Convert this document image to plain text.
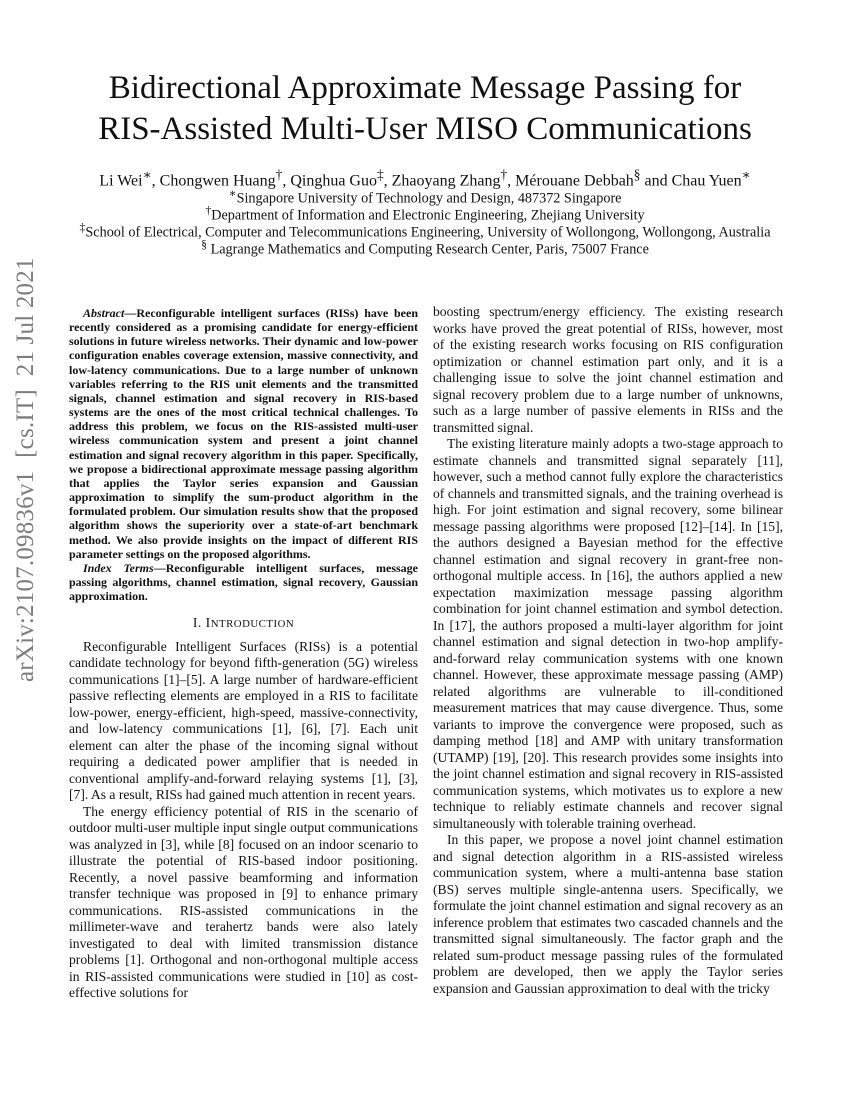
Bidirectional Approximate Message Passing for
RIS-Assisted Multi-User MISO Communications
Li Wei∗, Chongwen Huang†, Qinghua Guo‡, Zhaoyang Zhang†, Mérouane Debbah§ and Chau Yuen∗
∗Singapore University of Technology and Design, 487372 Singapore
†Department of Information and Electronic Engineering, Zhejiang University
‡School of Electrical, Computer and Telecommunications Engineering, University of Wollongong, Wollongong, Australia
§ Lagrange Mathematics and Computing Research Center, Paris, 75007 France
arXiv:2107.09836v1  [cs.IT]  21 Jul 2021	Abstract—Reconfigurable intelligent surfaces (RISs) have been recently considered as a promising candidate for energy-efficient solutions in future wireless networks. Their dynamic and low-power configuration enables coverage extension, massive connectivity, and low-latency communications. Due to a large number of unknown variables referring to the RIS unit elements and the transmitted signals, channel estimation and signal recovery in RIS-based systems are the ones of the most critical technical challenges. To address this problem, we focus on the RIS-assisted multi-user wireless communication system and present a joint channel estimation and signal recovery algorithm in this paper. Specifically, we propose a bidirectional approximate message passing algorithm that applies the Taylor series expansion and Gaussian approximation to simplify the sum-product algorithm in the formulated problem. Our simulation results show that the proposed algorithm shows the superiority over a state-of-art benchmark method. We also provide insights on the impact of different RIS parameter settings on the proposed algorithms.

Index Terms—Reconfigurable intelligent surfaces, message passing algorithms, channel estimation, signal recovery, Gaussian approximation.

I. INTRODUCTION

Reconfigurable Intelligent Surfaces (RISs) is a potential candidate technology for beyond fifth-generation (5G) wireless communications [1]–[5]. A large number of hardware-efficient passive reflecting elements are employed in a RIS to facilitate low-power, energy-efficient, high-speed, massive-connectivity, and low-latency communications [1], [6], [7]. Each unit element can alter the phase of the incoming signal without requiring a dedicated power amplifier that is needed in conventional amplify-and-forward relaying systems [1], [3], [7]. As a result, RISs had gained much attention in recent years.

The energy efficiency potential of RIS in the scenario of outdoor multi-user multiple input single output communications was analyzed in [3], while [8] focused on an indoor scenario to illustrate the potential of RIS-based indoor positioning. Recently, a novel passive beamforming and information transfer technique was proposed in [9] to enhance primary communications. RIS-assisted communications in the millimeter-wave and terahertz bands were also lately investigated to deal with limited transmission distance problems [1]. Orthogonal and non-orthogonal multiple access in RIS-assisted communications were studied in [10] as cost-effective solutions for

boosting spectrum/energy efficiency. The existing research works have proved the great potential of RISs, however, most of the existing research works focusing on RIS configuration optimization or channel estimation part only, and it is a challenging issue to solve the joint channel estimation and signal recovery problem due to a large number of unknowns, such as a large number of passive elements in RISs and the transmitted signal.

The existing literature mainly adopts a two-stage approach to estimate channels and transmitted signal separately [11], however, such a method cannot fully explore the characteristics of channels and transmitted signals, and the training overhead is high. For joint estimation and signal recovery, some bilinear message passing algorithms were proposed [12]–[14]. In [15], the authors designed a Bayesian method for the effective channel estimation and signal recovery in grant-free non-orthogonal multiple access. In [16], the authors applied a new expectation maximization message passing algorithm combination for joint channel estimation and symbol detection. In [17], the authors proposed a multi-layer algorithm for joint channel estimation and signal detection in two-hop amplify-and-forward relay communication systems with one known channel. However, these approximate message passing (AMP) related algorithms are vulnerable to ill-conditioned measurement matrices that may cause divergence. Thus, some variants to improve the convergence were proposed, such as damping method [18] and AMP with unitary transformation (UTAMP) [19], [20]. This research provides some insights into the joint channel estimation and signal recovery in RIS-assisted communication systems, which motivates us to explore a new technique to reliably estimate channels and recover signal simultaneously with tolerable training overhead.

In this paper, we propose a novel joint channel estimation and signal detection algorithm in a RIS-assisted wireless communication system, where a multi-antenna base station (BS) serves multiple single-antenna users. Specifically, we formulate the joint channel estimation and signal recovery as an inference problem that estimates two cascaded channels and the transmitted signal simultaneously. The factor graph and the related sum-product message passing rules of the formulated problem are developed, then we apply the Taylor series expansion and Gaussian approximation to deal with the tricky
